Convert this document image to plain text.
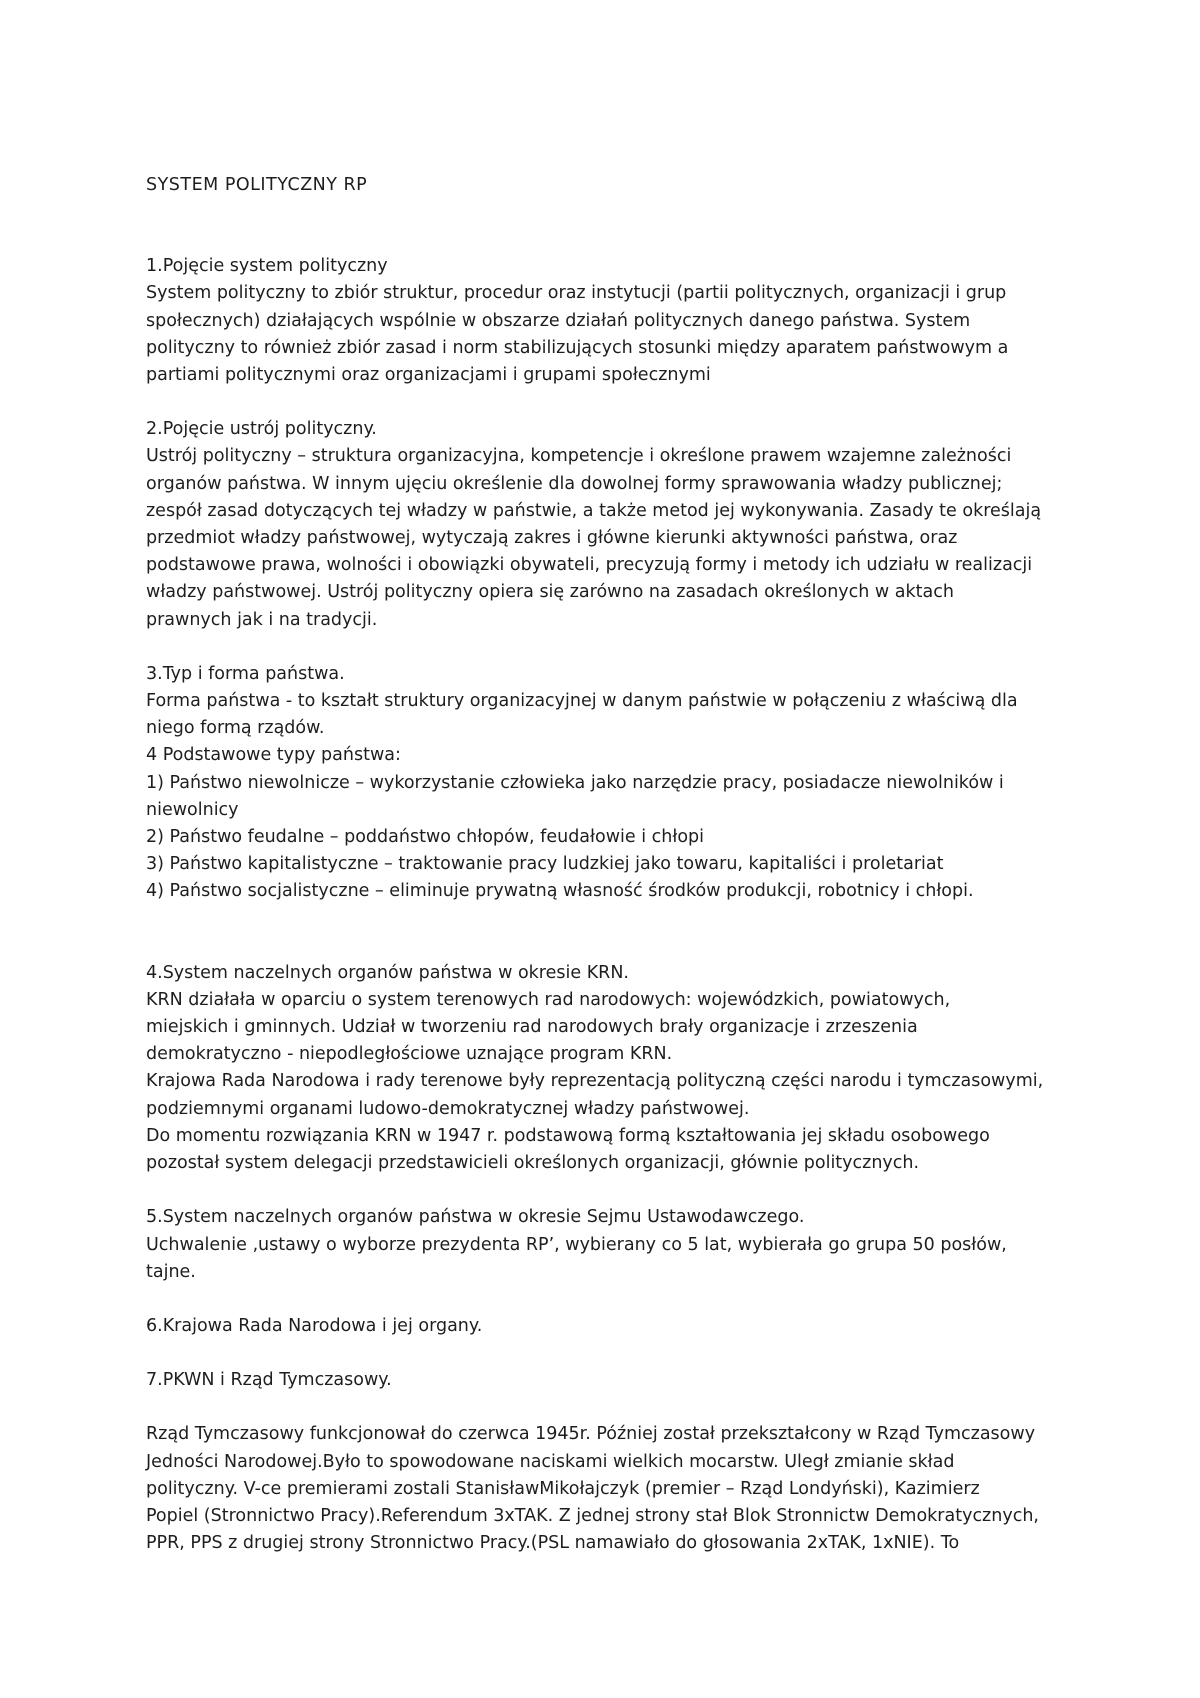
SYSTEM POLITYCZNY RP
1.Pojęcie system polityczny
System polityczny to zbiór struktur, procedur oraz instytucji (partii politycznych, organizacji i grup
społecznych) działających wspólnie w obszarze działań politycznych danego państwa. System
polityczny to również zbiór zasad i norm stabilizujących stosunki między aparatem państwowym a
partiami politycznymi oraz organizacjami i grupami społecznymi
2.Pojęcie ustrój polityczny.
Ustrój polityczny – struktura organizacyjna, kompetencje i określone prawem wzajemne zależności
organów państwa. W innym ujęciu określenie dla dowolnej formy sprawowania władzy publicznej;
zespół zasad dotyczących tej władzy w państwie, a także metod jej wykonywania. Zasady te określają
przedmiot władzy państwowej, wytyczają zakres i główne kierunki aktywności państwa, oraz
podstawowe prawa, wolności i obowiązki obywateli, precyzują formy i metody ich udziału w realizacji
władzy państwowej. Ustrój polityczny opiera się zarówno na zasadach określonych w aktach
prawnych jak i na tradycji.
3.Typ i forma państwa.
Forma państwa - to kształt struktury organizacyjnej w danym państwie w połączeniu z właściwą dla
niego formą rządów.
4 Podstawowe typy państwa:
1) Państwo niewolnicze – wykorzystanie człowieka jako narzędzie pracy, posiadacze niewolników i
niewolnicy
2) Państwo feudalne – poddaństwo chłopów, feudałowie i chłopi
3) Państwo kapitalistyczne – traktowanie pracy ludzkiej jako towaru, kapitaliści i proletariat
4) Państwo socjalistyczne – eliminuje prywatną własność środków produkcji, robotnicy i chłopi.
4.System naczelnych organów państwa w okresie KRN.
KRN działała w oparciu o system terenowych rad narodowych: wojewódzkich, powiatowych,
miejskich i gminnych. Udział w tworzeniu rad narodowych brały organizacje i zrzeszenia
demokratyczno - niepodległościowe uznające program KRN.
Krajowa Rada Narodowa i rady terenowe były reprezentacją polityczną części narodu i tymczasowymi,
podziemnymi organami ludowo-demokratycznej władzy państwowej.
Do momentu rozwiązania KRN w 1947 r. podstawową formą kształtowania jej składu osobowego
pozostał system delegacji przedstawicieli określonych organizacji, głównie politycznych.
5.System naczelnych organów państwa w okresie Sejmu Ustawodawczego.
Uchwalenie ‚ustawy o wyborze prezydenta RP’, wybierany co 5 lat, wybierała go grupa 50 posłów,
tajne.
6.Krajowa Rada Narodowa i jej organy.
7.PKWN i Rząd Tymczasowy.
Rząd Tymczasowy funkcjonował do czerwca 1945r. Później został przekształcony w Rząd Tymczasowy
Jedności Narodowej.Było to spowodowane naciskami wielkich mocarstw. Uległ zmianie skład
polityczny. V-ce premierami zostali StanisławMikołajczyk (premier – Rząd Londyński), Kazimierz
Popiel (Stronnictwo Pracy).Referendum 3xTAK. Z jednej strony stał Blok Stronnictw Demokratycznych,
PPR, PPS z drugiej strony Stronnictwo Pracy.(PSL namawiało do głosowania 2xTAK, 1xNIE). To
